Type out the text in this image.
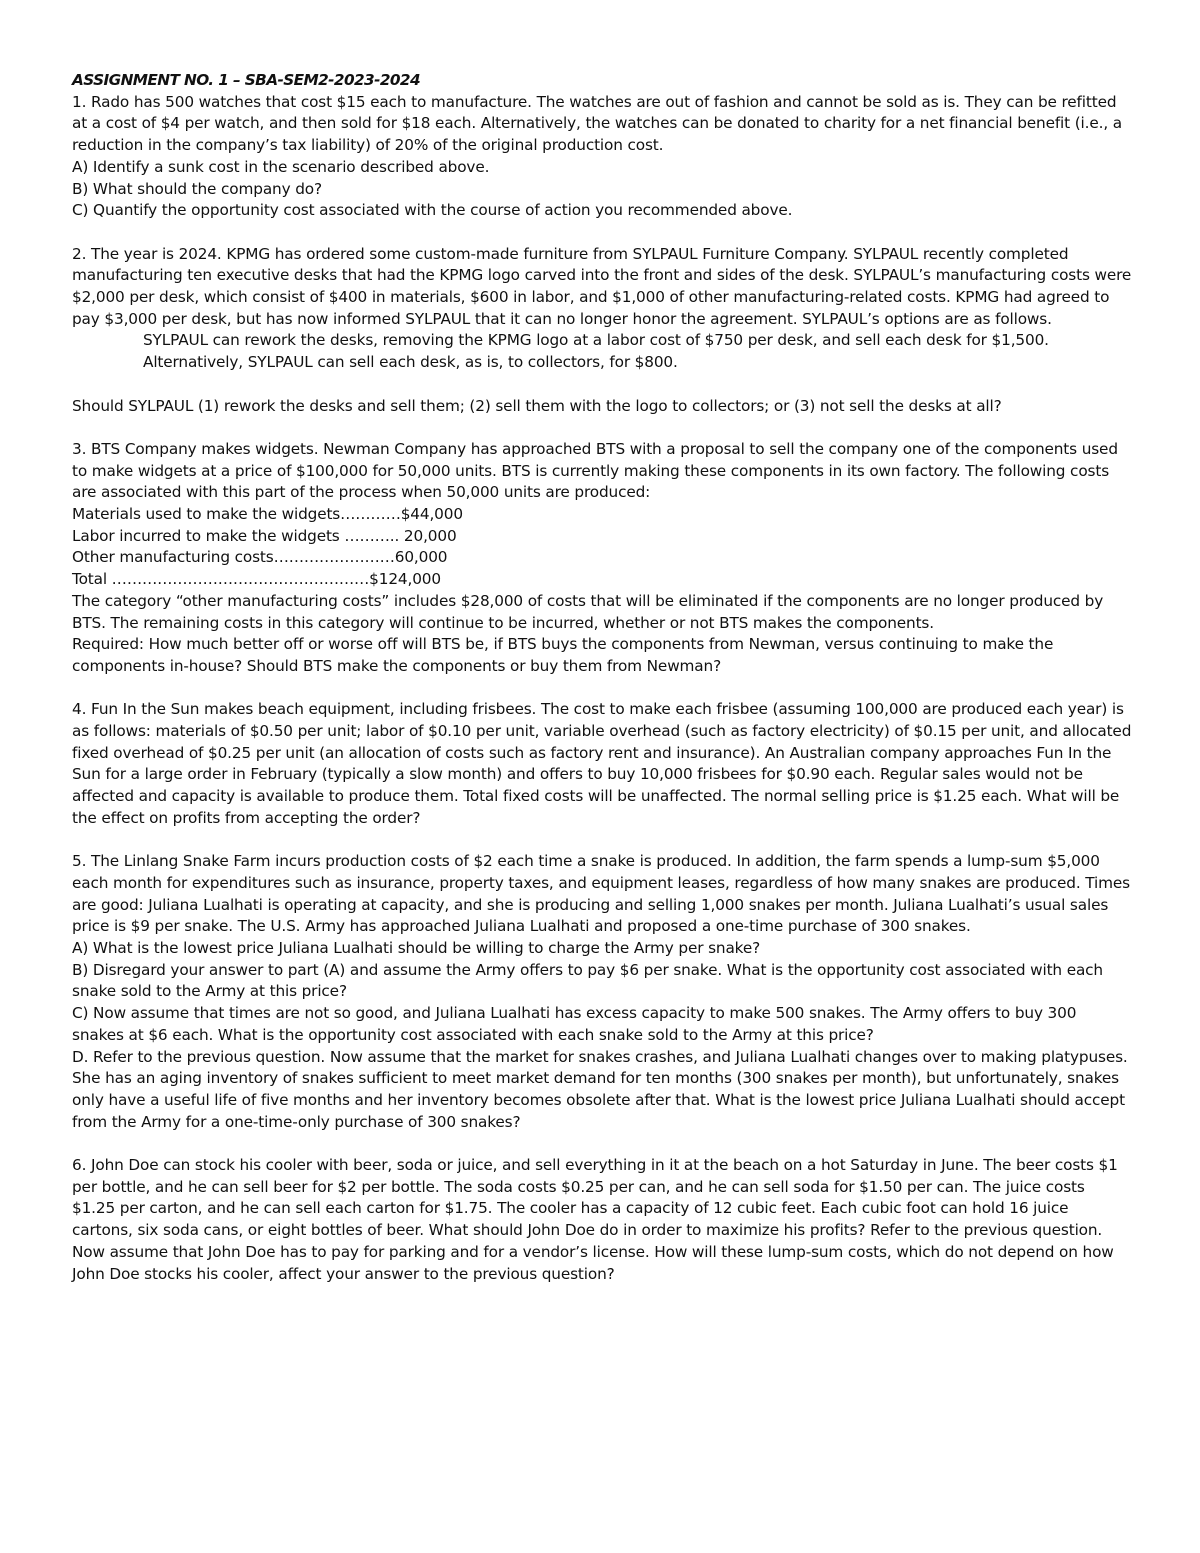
ASSIGNMENT NO. 1 – SBA-SEM2-2023-2024

1. Rado has 500 watches that cost $15 each to manufacture. The watches are out of fashion and cannot be sold as is. They can be refitted at a cost of $4 per watch, and then sold for $18 each. Alternatively, the watches can be donated to charity for a net financial benefit (i.e., a reduction in the company’s tax liability) of 20% of the original production cost.

A) Identify a sunk cost in the scenario described above.

B) What should the company do?

C) Quantify the opportunity cost associated with the course of action you recommended above.

2. The year is 2024. KPMG has ordered some custom-made furniture from SYLPAUL Furniture Company. SYLPAUL recently completed manufacturing ten executive desks that had the KPMG logo carved into the front and sides of the desk. SYLPAUL’s manufacturing costs were $2,000 per desk, which consist of $400 in materials, $600 in labor, and $1,000 of other manufacturing-related costs. KPMG had agreed to pay $3,000 per desk, but has now informed SYLPAUL that it can no longer honor the agreement. SYLPAUL’s options are as follows.

SYLPAUL can rework the desks, removing the KPMG logo at a labor cost of $750 per desk, and sell each desk for $1,500.

Alternatively, SYLPAUL can sell each desk, as is, to collectors, for $800.

Should SYLPAUL (1) rework the desks and sell them; (2) sell them with the logo to collectors; or (3) not sell the desks at all?

3. BTS Company makes widgets. Newman Company has approached BTS with a proposal to sell the company one of the components used to make widgets at a price of $100,000 for 50,000 units. BTS is currently making these components in its own factory. The following costs are associated with this part of the process when 50,000 units are produced:

Materials used to make the widgets…………$44,000
Labor incurred to make the widgets ……….. 20,000
Other manufacturing costs……………………60,000
Total ……………………………………………$124,000

The category “other manufacturing costs” includes $28,000 of costs that will be eliminated if the components are no longer produced by BTS. The remaining costs in this category will continue to be incurred, whether or not BTS makes the components.

Required: How much better off or worse off will BTS be, if BTS buys the components from Newman, versus continuing to make the components in-house? Should BTS make the components or buy them from Newman?

4. Fun In the Sun makes beach equipment, including frisbees. The cost to make each frisbee (assuming 100,000 are produced each year) is as follows: materials of $0.50 per unit; labor of $0.10 per unit, variable overhead (such as factory electricity) of $0.15 per unit, and allocated fixed overhead of $0.25 per unit (an allocation of costs such as factory rent and insurance). An Australian company approaches Fun In the Sun for a large order in February (typically a slow month) and offers to buy 10,000 frisbees for $0.90 each. Regular sales would not be affected and capacity is available to produce them. Total fixed costs will be unaffected. The normal selling price is $1.25 each. What will be the effect on profits from accepting the order?

5. The Linlang Snake Farm incurs production costs of $2 each time a snake is produced. In addition, the farm spends a lump-sum $5,000 each month for expenditures such as insurance, property taxes, and equipment leases, regardless of how many snakes are produced. Times are good: Juliana Lualhati is operating at capacity, and she is producing and selling 1,000 snakes per month. Juliana Lualhati’s usual sales price is $9 per snake. The U.S. Army has approached Juliana Lualhati and proposed a one-time purchase of 300 snakes.

A) What is the lowest price Juliana Lualhati should be willing to charge the Army per snake?

B) Disregard your answer to part (A) and assume the Army offers to pay $6 per snake. What is the opportunity cost associated with each snake sold to the Army at this price?

C) Now assume that times are not so good, and Juliana Lualhati has excess capacity to make 500 snakes. The Army offers to buy 300 snakes at $6 each. What is the opportunity cost associated with each snake sold to the Army at this price?

D. Refer to the previous question. Now assume that the market for snakes crashes, and Juliana Lualhati changes over to making platypuses. She has an aging inventory of snakes sufficient to meet market demand for ten months (300 snakes per month), but unfortunately, snakes only have a useful life of five months and her inventory becomes obsolete after that. What is the lowest price Juliana Lualhati should accept from the Army for a one-time-only purchase of 300 snakes?

6. John Doe can stock his cooler with beer, soda or juice, and sell everything in it at the beach on a hot Saturday in June. The beer costs $1 per bottle, and he can sell beer for $2 per bottle. The soda costs $0.25 per can, and he can sell soda for $1.50 per can. The juice costs $1.25 per carton, and he can sell each carton for $1.75. The cooler has a capacity of 12 cubic feet. Each cubic foot can hold 16 juice cartons, six soda cans, or eight bottles of beer. What should John Doe do in order to maximize his profits? Refer to the previous question. Now assume that John Doe has to pay for parking and for a vendor’s license. How will these lump-sum costs, which do not depend on how John Doe stocks his cooler, affect your answer to the previous question?
